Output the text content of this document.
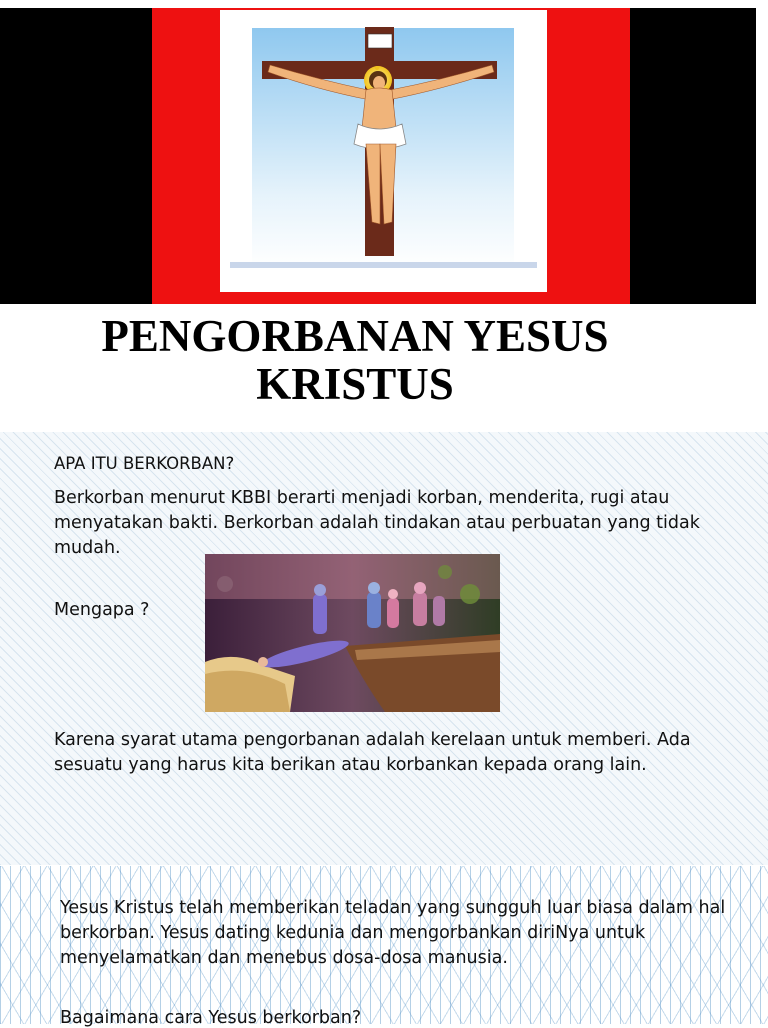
PENGORBANAN YESUS
KRISTUS
APA ITU BERKORBAN?
Berkorban menurut KBBI berarti menjadi korban, menderita, rugi atau menyatakan bakti. Berkorban adalah tindakan atau perbuatan yang tidak mudah.
Mengapa ?
Karena syarat utama pengorbanan adalah kerelaan untuk memberi. Ada sesuatu yang harus kita berikan atau korbankan kepada orang lain.
Yesus Kristus telah memberikan teladan yang sungguh luar biasa dalam hal berkorban. Yesus dating kedunia dan mengorbankan diriNya untuk menyelamatkan dan menebus dosa-dosa manusia.
Bagaimana cara Yesus berkorban?
